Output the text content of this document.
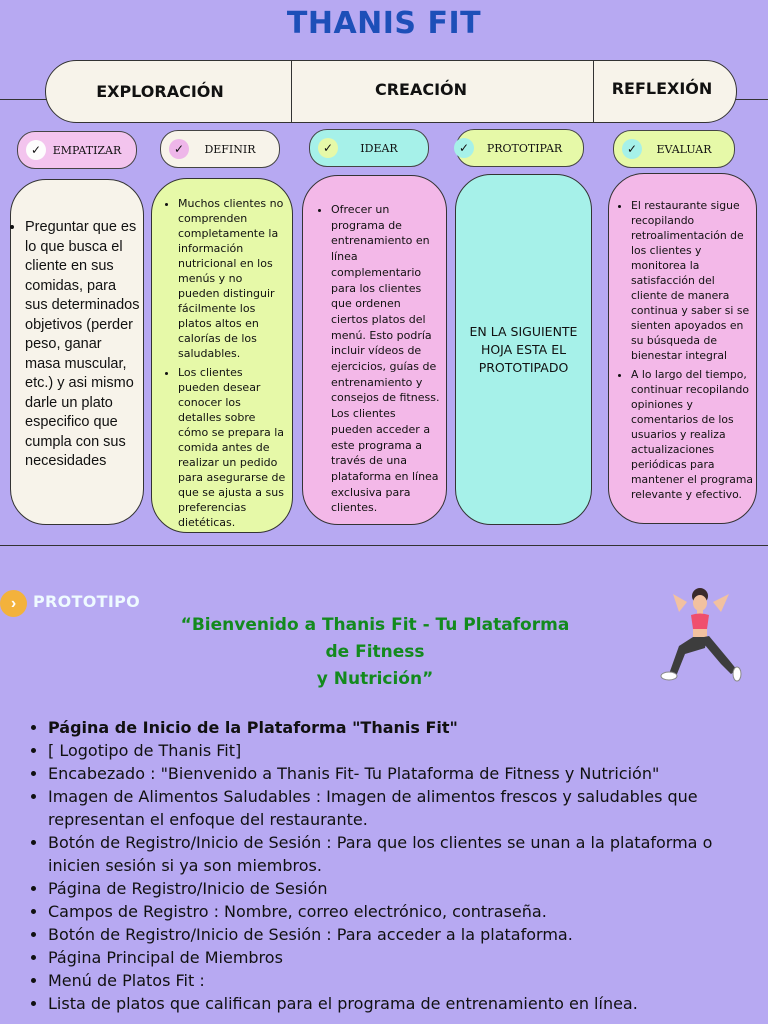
THANIS FIT
EXPLORACIÓN	CREACIÓN	REFLEXIÓN
✓	EMPATIZAR	✓	DEFINIR	✓	IDEAR	✓	PROTOTIPAR	✓	EVALUAR
• Preguntar que es lo que busca el cliente en sus comidas, para sus determinados objetivos (perder peso, ganar masa muscular, etc.) y asi mismo darle un plato especifico que cumpla con sus necesidades
• Muchos clientes no comprenden completamente la información nutricional en los menús y no pueden distinguir fácilmente los platos altos en calorías de los saludables.
• Los clientes pueden desear conocer los detalles sobre cómo se prepara la comida antes de realizar un pedido para asegurarse de que se ajusta a sus preferencias dietéticas.
• Ofrecer un programa de entrenamiento en línea complementario para los clientes que ordenen ciertos platos del menú. Esto podría incluir vídeos de ejercicios, guías de entrenamiento y consejos de fitness. Los clientes pueden acceder a este programa a través de una plataforma en línea exclusiva para clientes.
EN LA SIGUIENTE HOJA ESTA EL PROTOTIPADO
• El restaurante sigue recopilando retroalimentación de los clientes y monitorea la satisfacción del cliente de manera continua y saber si se sienten apoyados en su búsqueda de bienestar integral
• A lo largo del tiempo, continuar recopilando opiniones y comentarios de los usuarios y realiza actualizaciones periódicas para mantener el programa relevante y efectivo.
›	PROTOTIPO
“Bienvenido a Thanis Fit - Tu Plataforma de Fitness
y Nutrición”
• Página de Inicio de la Plataforma "Thanis Fit"
• [ Logotipo de Thanis Fit]
• Encabezado : "Bienvenido a Thanis Fit- Tu Plataforma de Fitness y Nutrición"
• Imagen de Alimentos Saludables : Imagen de alimentos frescos y saludables que representan el enfoque del restaurante.
• Botón de Registro/Inicio de Sesión : Para que los clientes se unan a la plataforma o inicien sesión si ya son miembros.
• Página de Registro/Inicio de Sesión
• Campos de Registro : Nombre, correo electrónico, contraseña.
• Botón de Registro/Inicio de Sesión : Para acceder a la plataforma.
• Página Principal de Miembros
• Menú de Platos Fit :
• Lista de platos que califican para el programa de entrenamiento en línea.
